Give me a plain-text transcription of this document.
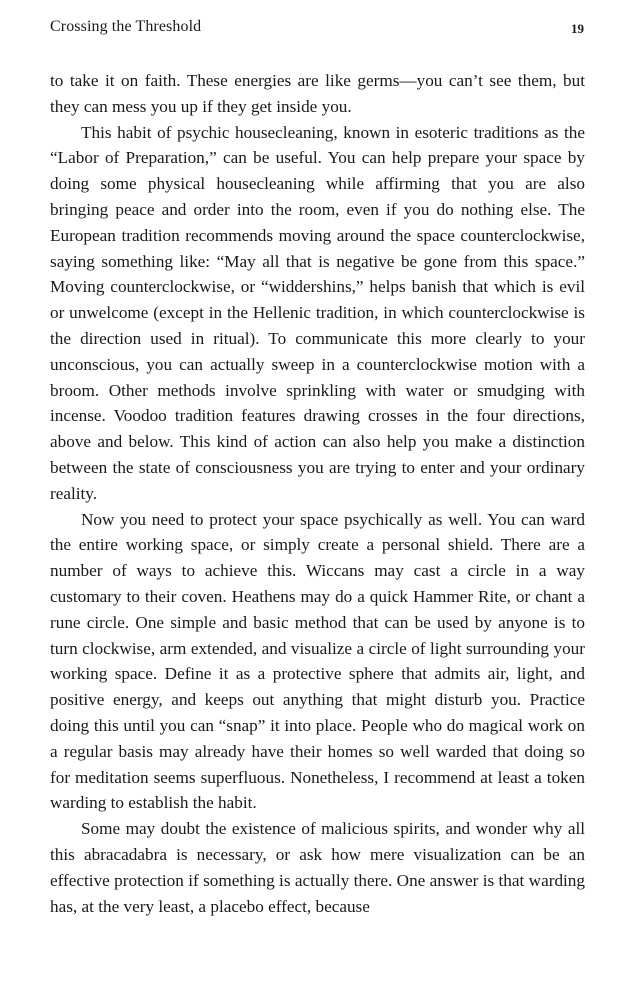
Crossing the Threshold	19

to take it on faith. These energies are like germs—you can’t see them, but they can mess you up if they get inside you.

This habit of psychic housecleaning, known in esoteric traditions as the “Labor of Preparation,” can be useful. You can help prepare your space by doing some physical housecleaning while affirming that you are also bringing peace and order into the room, even if you do nothing else. The European tradition recommends moving around the space counterclockwise, saying something like: “May all that is negative be gone from this space.” Moving counterclockwise, or “widdershins,” helps banish that which is evil or unwelcome (except in the Hellenic tradition, in which counterclockwise is the direction used in ritual). To communicate this more clearly to your unconscious, you can actually sweep in a counterclockwise motion with a broom. Other methods involve sprinkling with water or smudging with incense. Voodoo tradition features drawing crosses in the four directions, above and below. This kind of action can also help you make a distinction between the state of consciousness you are trying to enter and your ordinary reality.

Now you need to protect your space psychically as well. You can ward the entire working space, or simply create a personal shield. There are a number of ways to achieve this. Wiccans may cast a circle in a way customary to their coven. Heathens may do a quick Hammer Rite, or chant a rune circle. One simple and basic method that can be used by anyone is to turn clockwise, arm extended, and visualize a circle of light surrounding your working space. Define it as a protective sphere that admits air, light, and positive energy, and keeps out anything that might disturb you. Practice doing this until you can “snap” it into place. People who do magical work on a regular basis may already have their homes so well warded that doing so for meditation seems superfluous. Nonetheless, I recommend at least a token warding to establish the habit.

Some may doubt the existence of malicious spirits, and wonder why all this abracadabra is necessary, or ask how mere visualization can be an effective protection if something is actually there. One answer is that warding has, at the very least, a placebo effect, because
